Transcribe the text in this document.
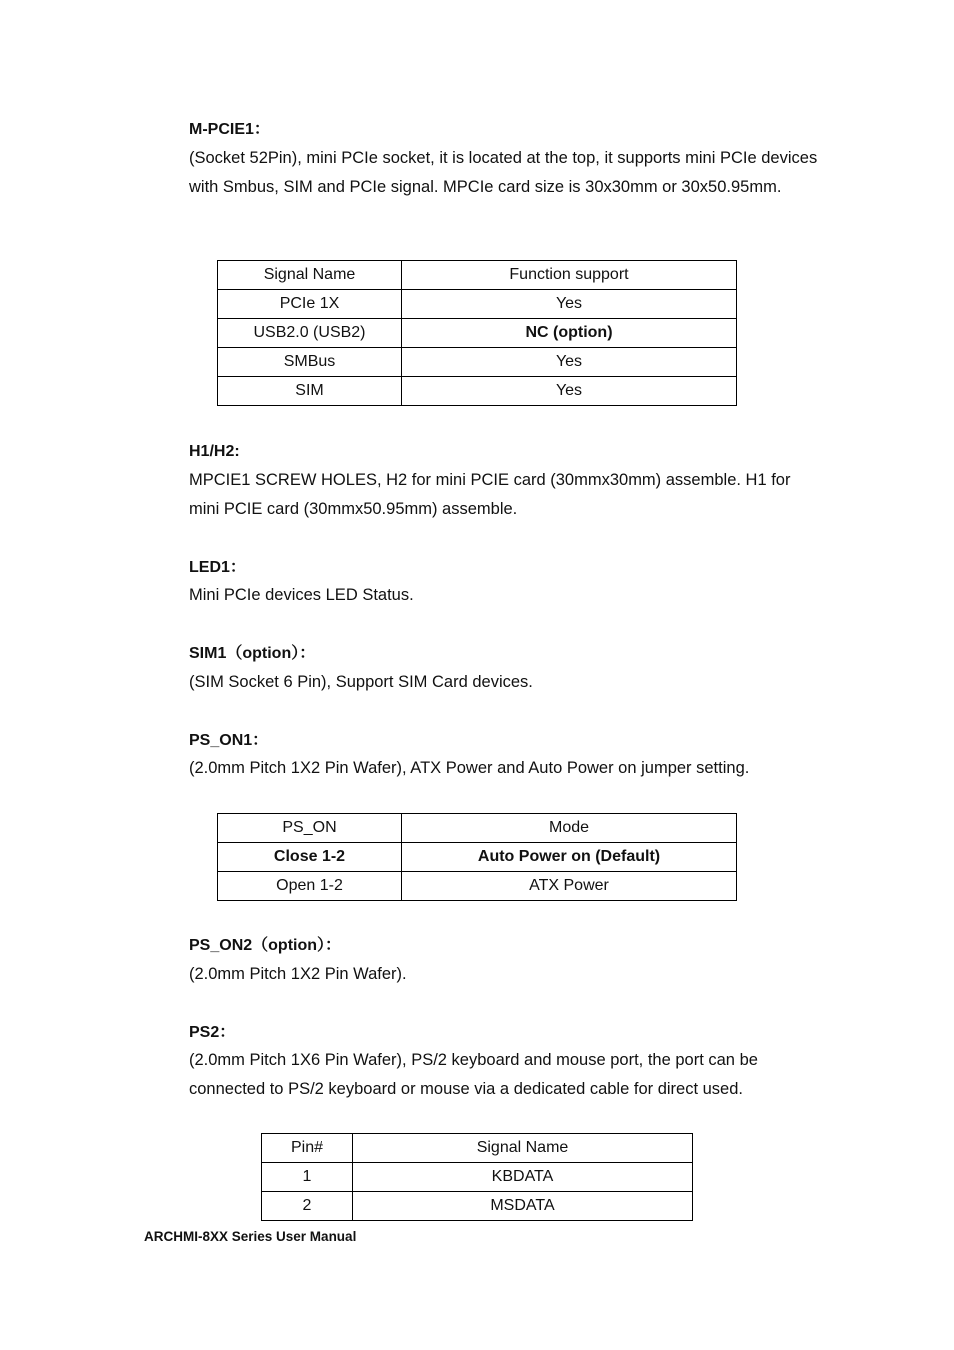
M-PCIE1：
(Socket 52Pin), mini PCIe socket, it is located at the top, it supports mini PCIe devices with Smbus, SIM and PCIe signal. MPCIe card size is 30x30mm or 30x50.95mm.
Signal Name	Function support
PCIe 1X	Yes
USB2.0 (USB2)	NC (option)
SMBus	Yes
SIM	Yes
H1/H2:
MPCIE1 SCREW HOLES, H2 for mini PCIE card (30mmx30mm) assemble. H1 for mini PCIE card (30mmx50.95mm) assemble.
LED1：
Mini PCIe devices LED Status.
SIM1（option）：
(SIM Socket 6 Pin), Support SIM Card devices.
PS_ON1：
(2.0mm Pitch 1X2 Pin Wafer), ATX Power and Auto Power on jumper setting.
PS_ON	Mode
Close 1-2	Auto Power on (Default)
Open 1-2	ATX Power
PS_ON2（option）：
(2.0mm Pitch 1X2 Pin Wafer).
PS2：
(2.0mm Pitch 1X6 Pin Wafer), PS/2 keyboard and mouse port, the port can be connected to PS/2 keyboard or mouse via a dedicated cable for direct used.
Pin#	Signal Name
1	KBDATA
2	MSDATA
ARCHMI-8XX Series User Manual
